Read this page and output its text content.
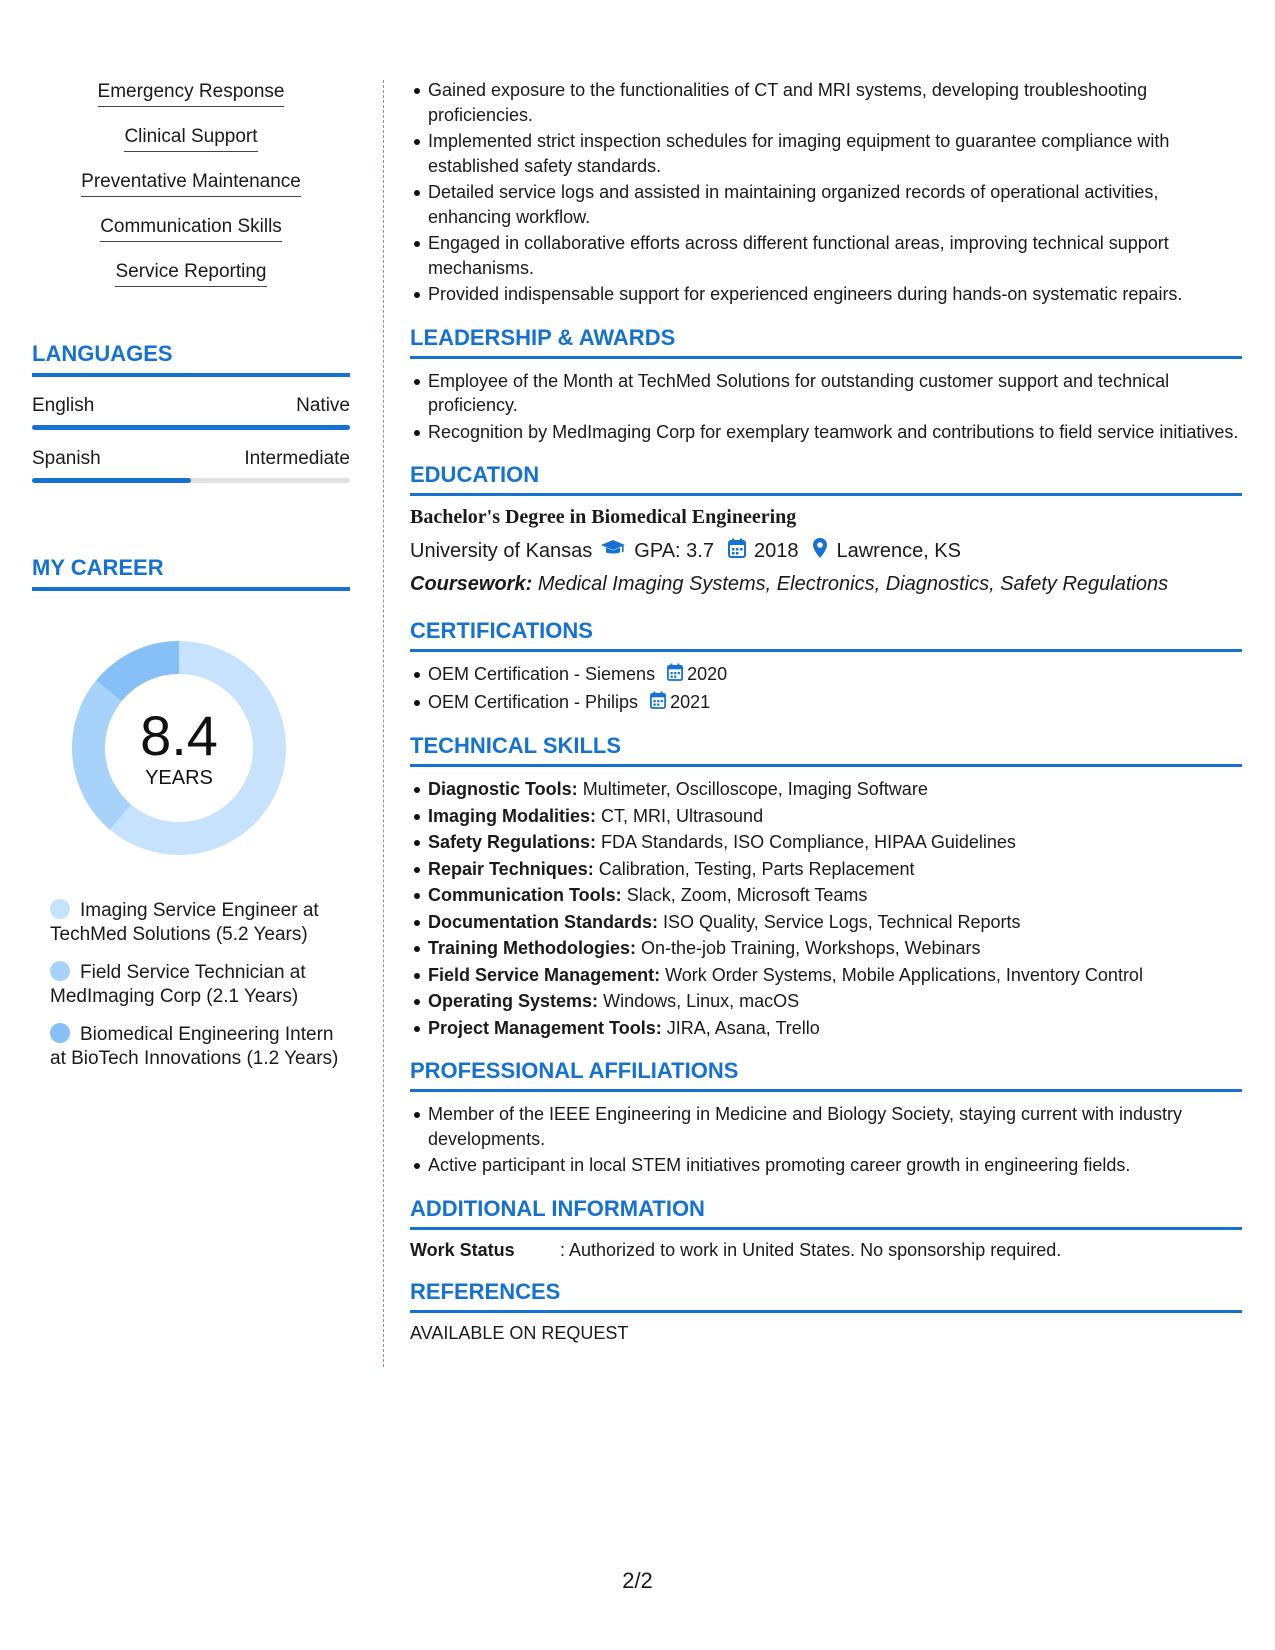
Emergency Response
Clinical Support
Preventative Maintenance
Communication Skills
Service Reporting
LANGUAGES
English	Native
Spanish	Intermediate
MY CAREER
8.4
YEARS
Imaging Service Engineer at TechMed Solutions (5.2 Years)
Field Service Technician at MedImaging Corp (2.1 Years)
Biomedical Engineering Intern at BioTech Innovations (1.2 Years)
Gained exposure to the functionalities of CT and MRI systems, developing troubleshooting proficiencies.
Implemented strict inspection schedules for imaging equipment to guarantee compliance with established safety standards.
Detailed service logs and assisted in maintaining organized records of operational activities, enhancing workflow.
Engaged in collaborative efforts across different functional areas, improving technical support mechanisms.
Provided indispensable support for experienced engineers during hands-on systematic repairs.
LEADERSHIP & AWARDS
Employee of the Month at TechMed Solutions for outstanding customer support and technical proficiency.
Recognition by MedImaging Corp for exemplary teamwork and contributions to field service initiatives.
EDUCATION
Bachelor's Degree in Biomedical Engineering
University of Kansas GPA: 3.7 2018 Lawrence, KS
Coursework: Medical Imaging Systems, Electronics, Diagnostics, Safety Regulations
CERTIFICATIONS
OEM Certification - Siemens 2020
OEM Certification - Philips 2021
TECHNICAL SKILLS
Diagnostic Tools: Multimeter, Oscilloscope, Imaging Software
Imaging Modalities: CT, MRI, Ultrasound
Safety Regulations: FDA Standards, ISO Compliance, HIPAA Guidelines
Repair Techniques: Calibration, Testing, Parts Replacement
Communication Tools: Slack, Zoom, Microsoft Teams
Documentation Standards: ISO Quality, Service Logs, Technical Reports
Training Methodologies: On-the-job Training, Workshops, Webinars
Field Service Management: Work Order Systems, Mobile Applications, Inventory Control
Operating Systems: Windows, Linux, macOS
Project Management Tools: JIRA, Asana, Trello
PROFESSIONAL AFFILIATIONS
Member of the IEEE Engineering in Medicine and Biology Society, staying current with industry developments.
Active participant in local STEM initiatives promoting career growth in engineering fields.
ADDITIONAL INFORMATION
Work Status	: Authorized to work in United States. No sponsorship required.
REFERENCES
AVAILABLE ON REQUEST
2/2
